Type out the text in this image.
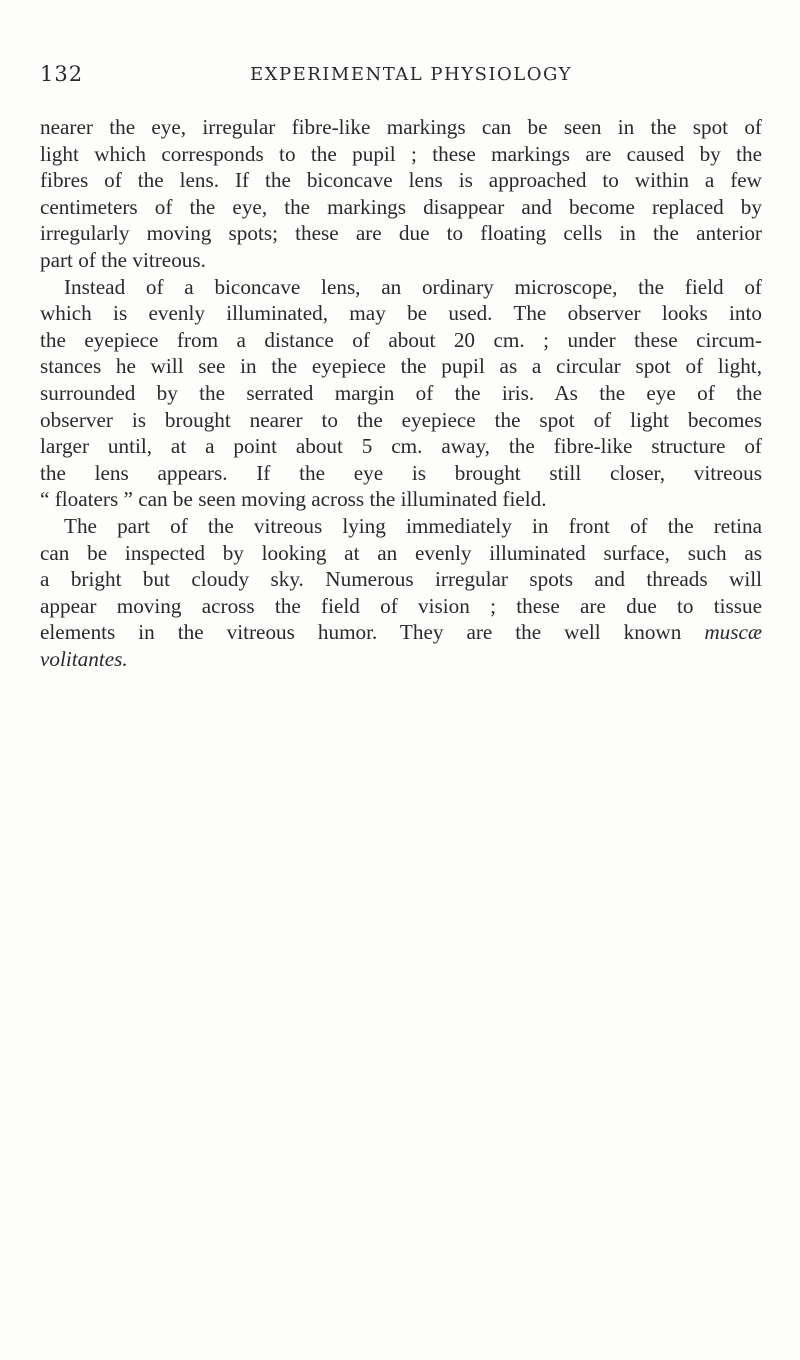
132	EXPERIMENTAL PHYSIOLOGY
nearer the eye, irregular fibre-like markings can be seen in the spot of
light which corresponds to the pupil ; these markings are caused by the
fibres of the lens. If the biconcave lens is approached to within a few
centimeters of the eye, the markings disappear and become replaced by
irregularly moving spots; these are due to floating cells in the anterior
part of the vitreous.
Instead of a biconcave lens, an ordinary microscope, the field of
which is evenly illuminated, may be used. The observer looks into
the eyepiece from a distance of about 20 cm. ; under these circum-
stances he will see in the eyepiece the pupil as a circular spot of light,
surrounded by the serrated margin of the iris. As the eye of the
observer is brought nearer to the eyepiece the spot of light becomes
larger until, at a point about 5 cm. away, the fibre-like structure of
the lens appears. If the eye is brought still closer, vitreous
“ floaters ” can be seen moving across the illuminated field.
The part of the vitreous lying immediately in front of the retina
can be inspected by looking at an evenly illuminated surface, such as
a bright but cloudy sky. Numerous irregular spots and threads will
appear moving across the field of vision ; these are due to tissue
elements in the vitreous humor. They are the well known muscæ
volitantes.
